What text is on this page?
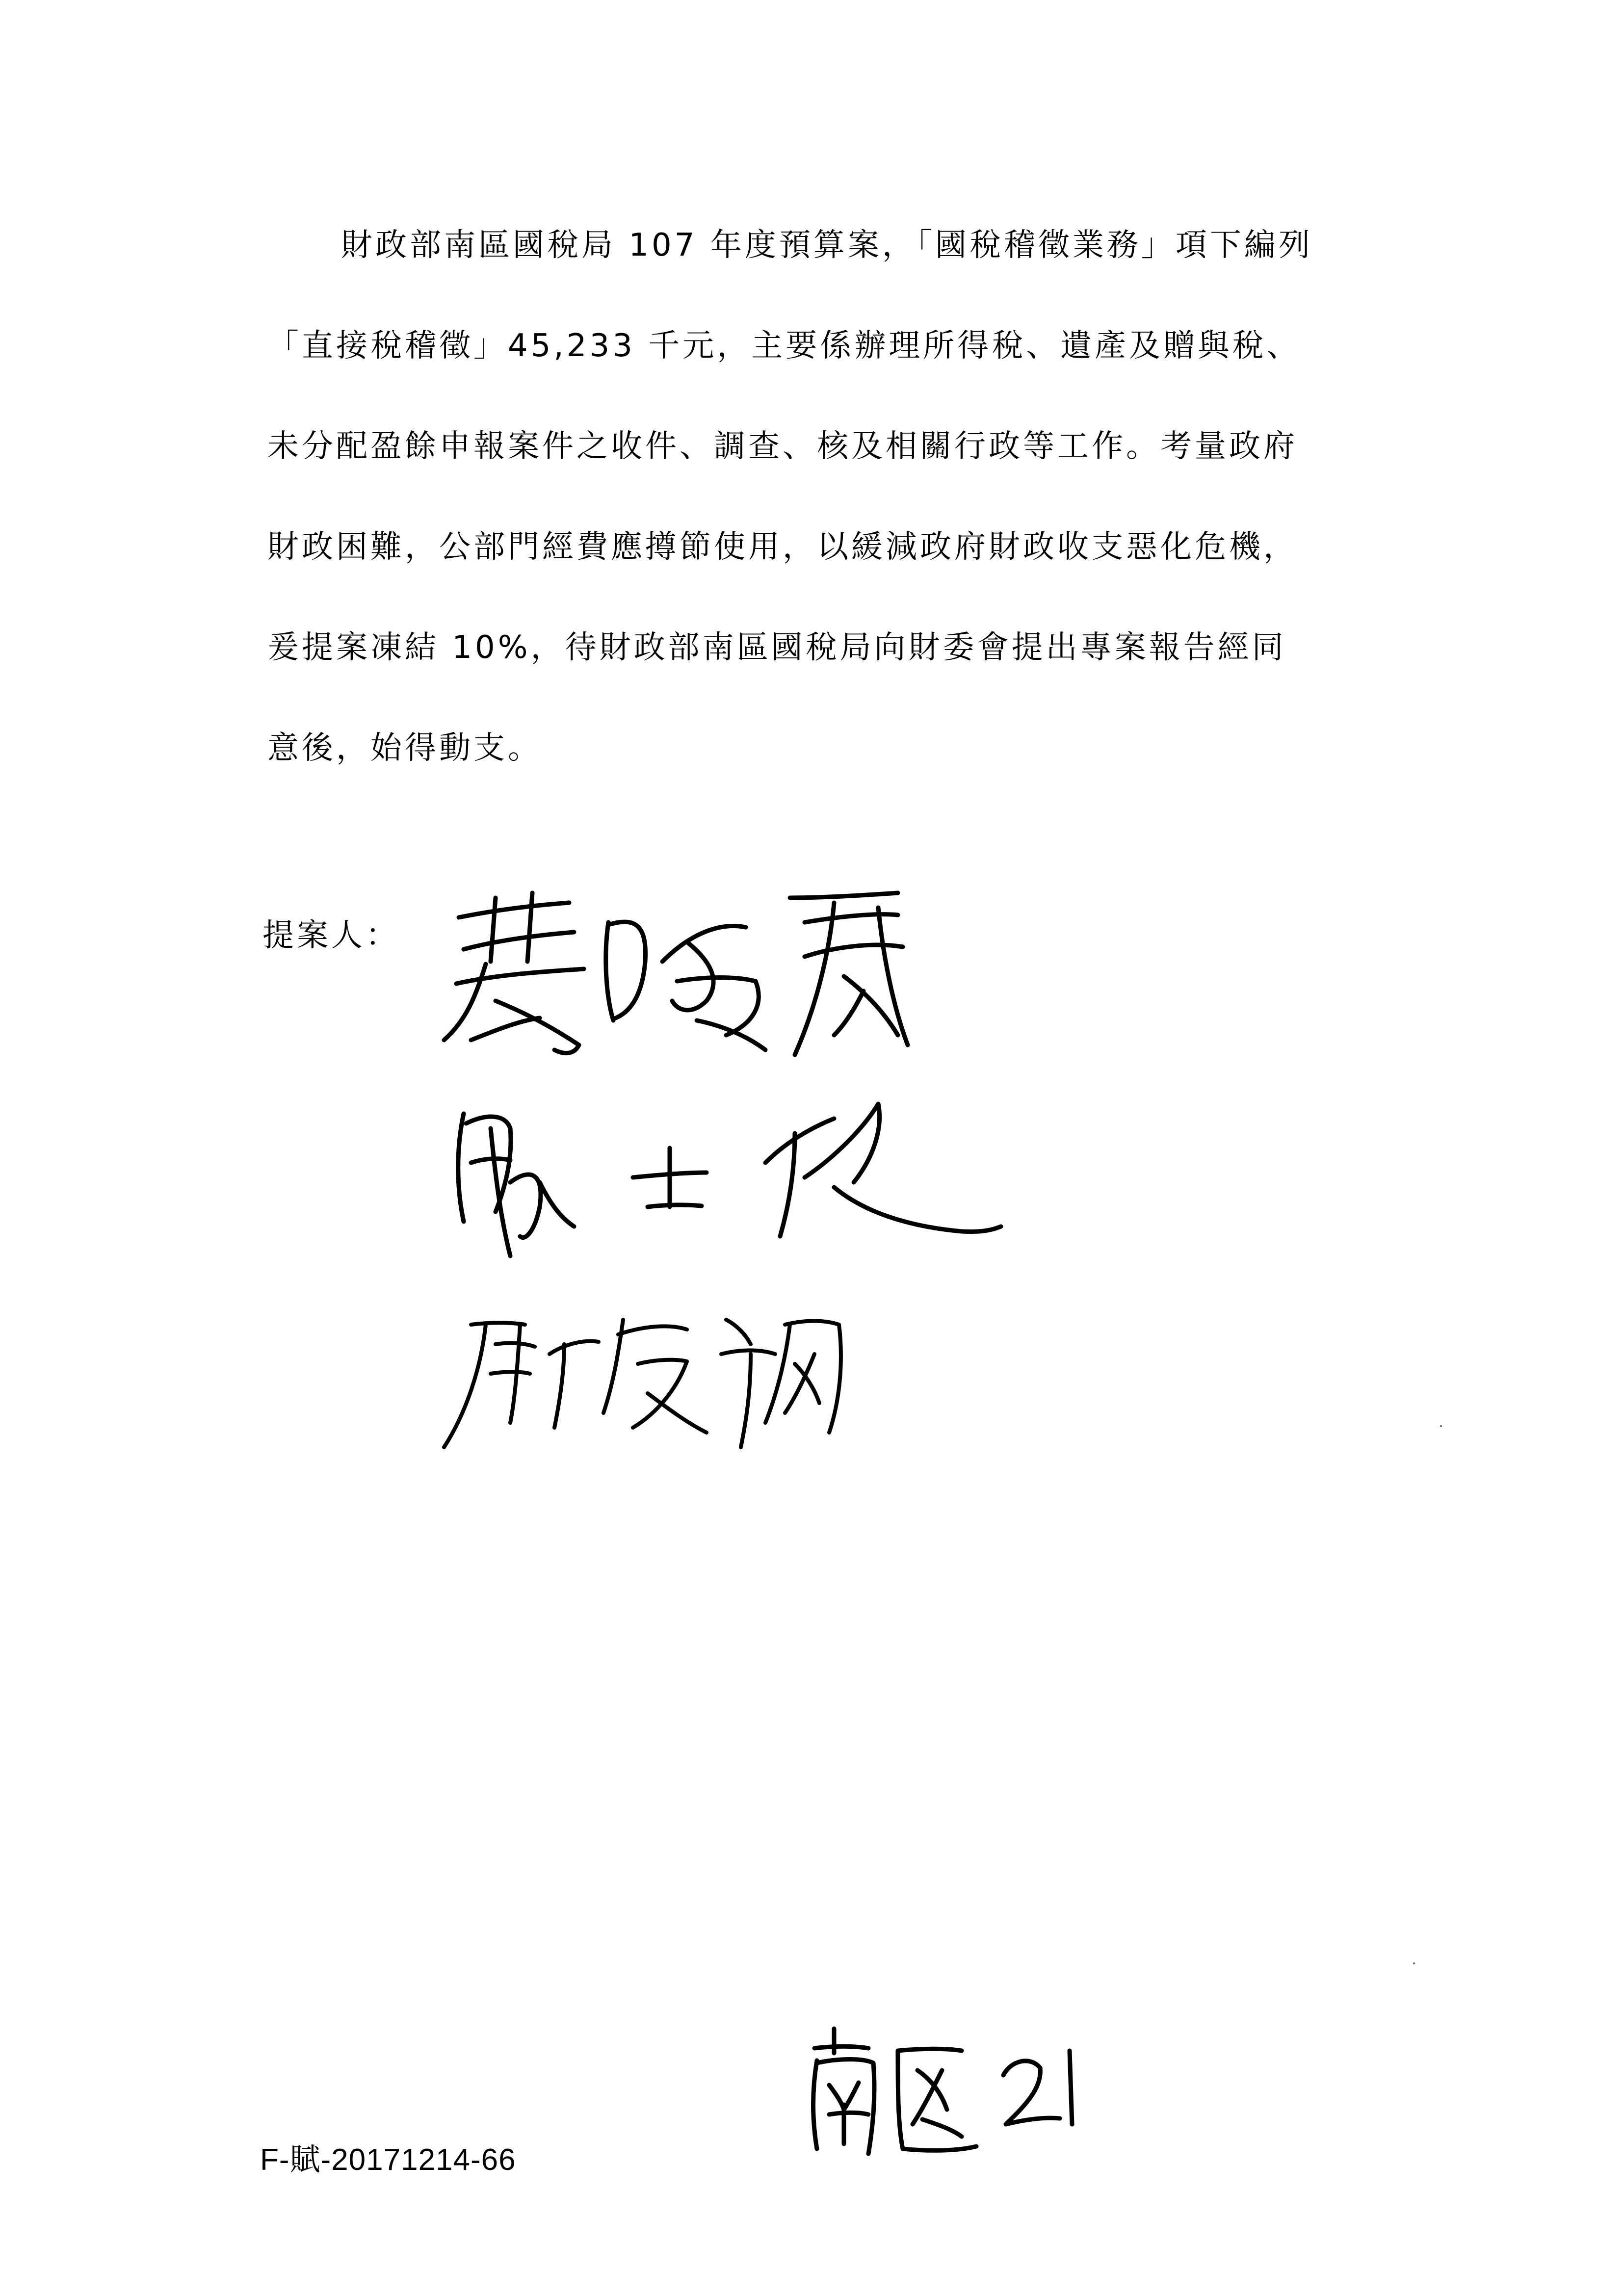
財政部南區國稅局 107 年度預算案，「國稅稽徵業務」項下編列
「直接稅稽徵」45,233 千元，主要係辦理所得稅、遺產及贈與稅、
未分配盈餘申報案件之收件、調查、核及相關行政等工作。考量政府
財政困難，公部門經費應撙節使用，以緩減政府財政收支惡化危機，
爰提案凍結 10%，待財政部南區國稅局向財委會提出專案報告經同
意後，始得動支。
提案人：
F-賦-20171214-66
